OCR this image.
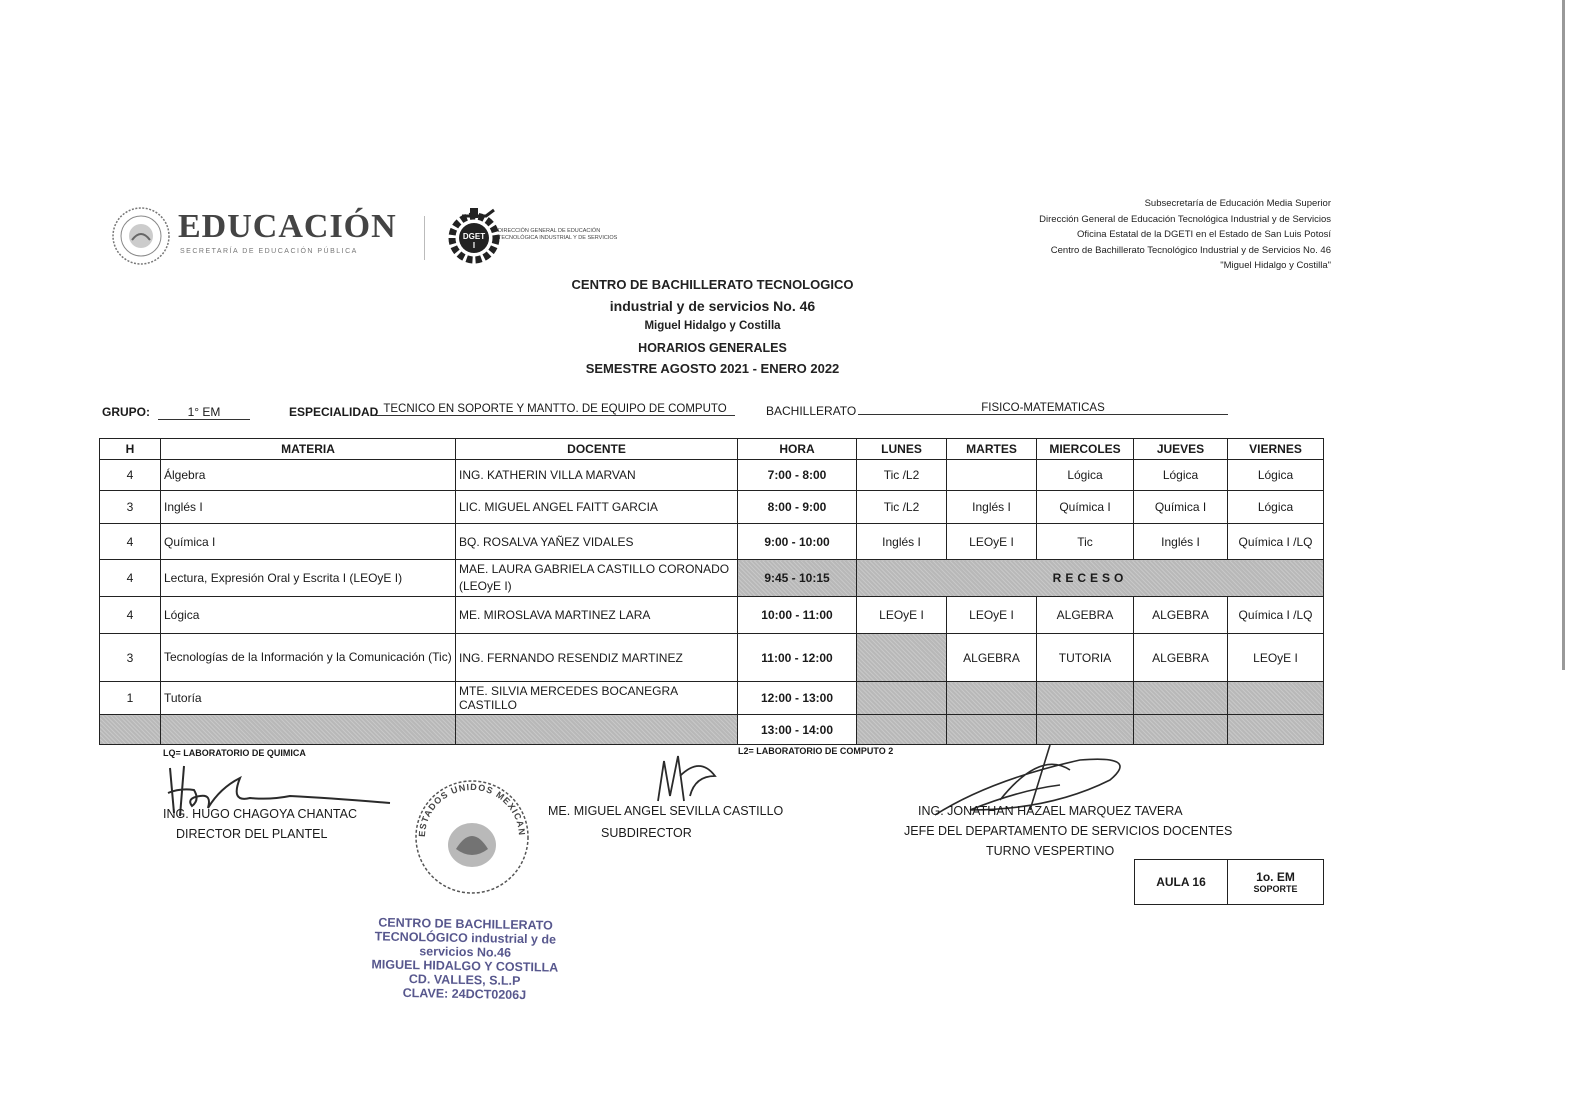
EDUCACIÓN
SECRETARÍA DE EDUCACIÓN PÚBLICA
DGETI
DIRECCIÓN GENERAL DE EDUCACIÓN TECNOLÓGICA INDUSTRIAL Y DE SERVICIOS
Subsecretaría de Educación Media Superior
Dirección General de Educación Tecnológica Industrial y de Servicios
Oficina Estatal de la DGETI en el Estado de San Luis Potosí
Centro de Bachillerato Tecnológico Industrial y de Servicios No. 46
"Miguel Hidalgo y Costilla"
CENTRO DE BACHILLERATO TECNOLOGICO
industrial y de servicios No. 46
Miguel Hidalgo y Costilla
HORARIOS GENERALES
SEMESTRE AGOSTO 2021 - ENERO 2022
GRUPO:	1° EM	ESPECIALIDAD TECNICO EN SOPORTE Y MANTTO. DE EQUIPO DE COMPUTO	BACHILLERATO	FISICO-MATEMATICAS
H	MATERIA	DOCENTE	HORA	LUNES	MARTES	MIERCOLES	JUEVES	VIERNES
4	Álgebra	ING. KATHERIN VILLA MARVAN	7:00 - 8:00	Tic /L2		Lógica	Lógica	Lógica
3	Inglés I	LIC. MIGUEL ANGEL FAITT GARCIA	8:00 - 9:00	Tic /L2	Inglés I	Química I	Química I	Lógica
4	Química I	BQ. ROSALVA YAÑEZ VIDALES	9:00 - 10:00	Inglés I	LEOyE I	Tic	Inglés I	Química I /LQ
4	Lectura, Expresión Oral y Escrita I (LEOyE I)	MAE. LAURA GABRIELA CASTILLO CORONADO (LEOyE I)	9:45 - 10:15	RECESO				
4	Lógica	ME. MIROSLAVA MARTINEZ LARA	10:00 - 11:00	LEOyE I	LEOyE I	ALGEBRA	ALGEBRA	Química I /LQ
3	Tecnologías de la Información y la Comunicación (Tic)	ING. FERNANDO RESENDIZ MARTINEZ	11:00 - 12:00		ALGEBRA	TUTORIA	ALGEBRA	LEOyE I
1	Tutoría	MTE. SILVIA MERCEDES BOCANEGRA CASTILLO	12:00 - 13:00					
			13:00 - 14:00					
LQ= LABORATORIO DE QUIMICA	L2= LABORATORIO DE COMPUTO 2
ING. HUGO CHAGOYA CHANTAC
DIRECTOR DEL PLANTEL
ME. MIGUEL ANGEL SEVILLA CASTILLO
SUBDIRECTOR
ING. JONATHAN HAZAEL MARQUEZ TAVERA
JEFE DEL DEPARTAMENTO DE SERVICIOS DOCENTES
TURNO VESPERTINO
ESTADOS UNIDOS MEXICAN
CENTRO DE BACHILLERATO
TECNOLÓGICO industrial y de
servicios No.46
MIGUEL HIDALGO Y COSTILLA
CD. VALLES, S.L.P
CLAVE: 24DCT0206J
AULA 16	1o. EM
SOPORTE
